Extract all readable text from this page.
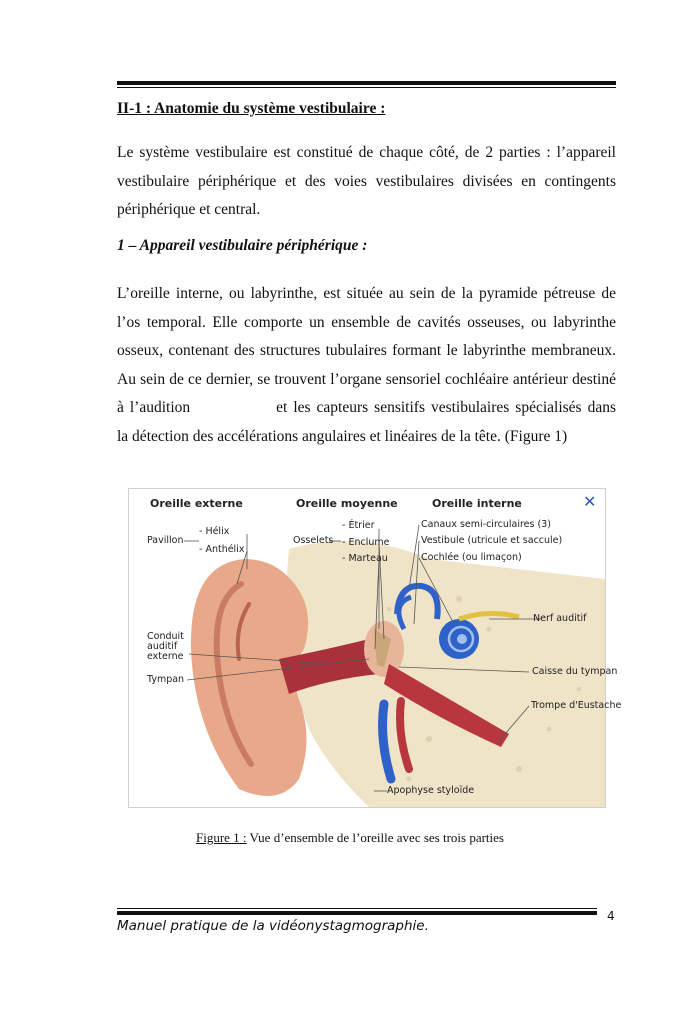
II-1 : Anatomie du système vestibulaire :

Le système vestibulaire est constitué de chaque côté, de 2 parties : l’appareil vestibulaire périphérique et des voies vestibulaires divisées en contingents périphérique et central.

1 – Appareil vestibulaire périphérique :

L’oreille interne, ou labyrinthe, est située au sein de la pyramide pétreuse de l’os temporal. Elle comporte un ensemble de cavités osseuses, ou labyrinthe osseux, contenant des structures tubulaires formant le labyrinthe membraneux. Au sein de ce dernier, se trouvent l’organe sensoriel cochléaire antérieur destiné à l’audition	et les capteurs sensitifs vestibulaires spécialisés dans la détection des accélérations angulaires et linéaires de la tête. (Figure 1)

Oreille externe	Oreille moyenne	Oreille interne	✕
Pavillon
- Hélix
- Anthélix
Osselets
- Étrier
- Enclume
- Marteau
Canaux semi-circulaires (3)
Vestibule (utricule et saccule)
Cochlée (ou limaçon)
Nerf auditif
Conduit
auditif
externe
Tympan
Caisse du tympan
Trompe d'Eustache
Apophyse styloïde
Figure 1 : Vue d’ensemble de l’oreille avec ses trois parties
Manuel pratique de la vidéonystagmographie.
4
